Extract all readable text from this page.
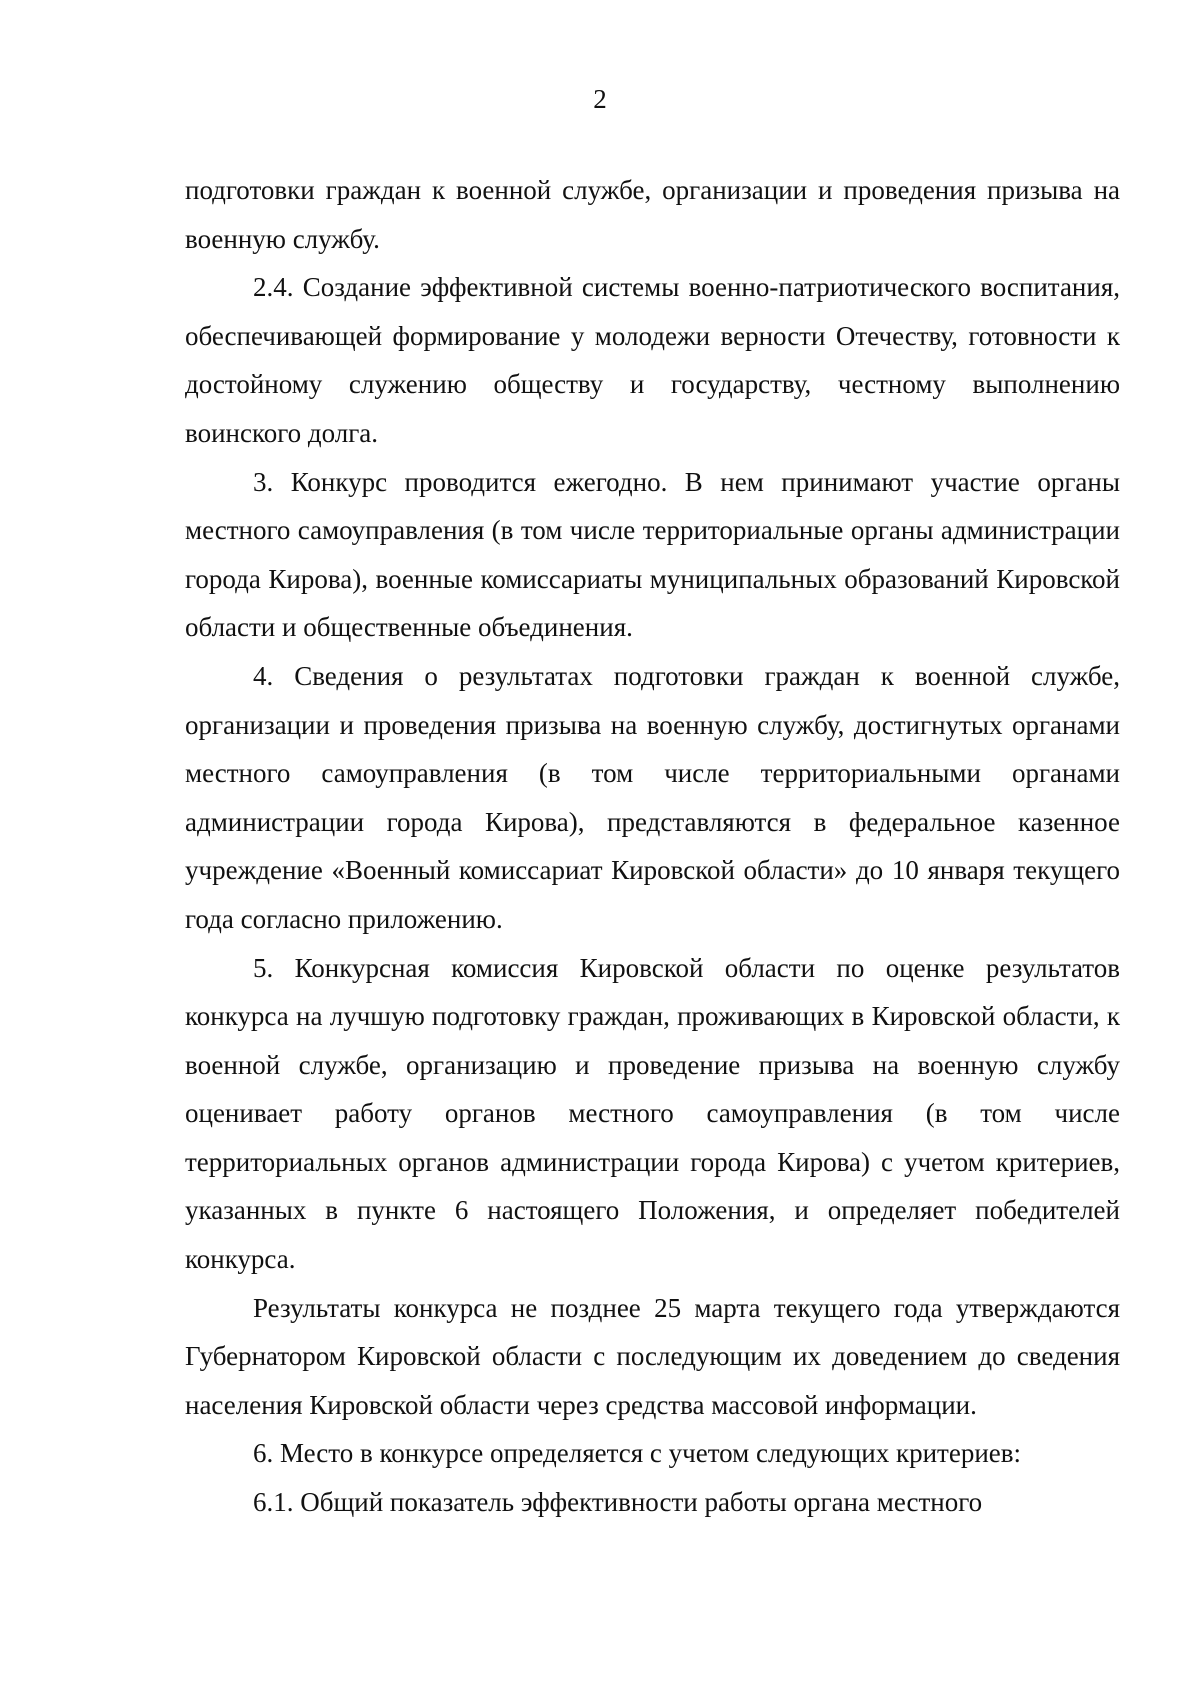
2

подготовки граждан к военной службе, организации и проведения призыва на военную службу.

2.4. Создание эффективной системы военно-патриотического воспитания, обеспечивающей формирование у молодежи верности Отечеству, готовности к достойному служению обществу и государству, честному выполнению воинского долга.

3. Конкурс проводится ежегодно. В нем принимают участие органы местного самоуправления (в том числе территориальные органы администрации города Кирова), военные комиссариаты муниципальных образований Кировской области и общественные объединения.

4. Сведения о результатах подготовки граждан к военной службе, организации и проведения призыва на военную службу, достигнутых органами местного самоуправления (в том числе территориальными органами администрации города Кирова), представляются в федеральное казенное учреждение «Военный комиссариат Кировской области» до 10 января текущего года согласно приложению.

5. Конкурсная комиссия Кировской области по оценке результатов конкурса на лучшую подготовку граждан, проживающих в Кировской области, к военной службе, организацию и проведение призыва на военную службу оценивает работу органов местного самоуправления (в том числе территориальных органов администрации города Кирова) с учетом критериев, указанных в пункте 6 настоящего Положения, и определяет победителей конкурса.

Результаты конкурса не позднее 25 марта текущего года утверждаются Губернатором Кировской области с последующим их доведением до сведения населения Кировской области через средства массовой информации.

6. Место в конкурсе определяется с учетом следующих критериев:

6.1. Общий показатель эффективности работы органа местного
